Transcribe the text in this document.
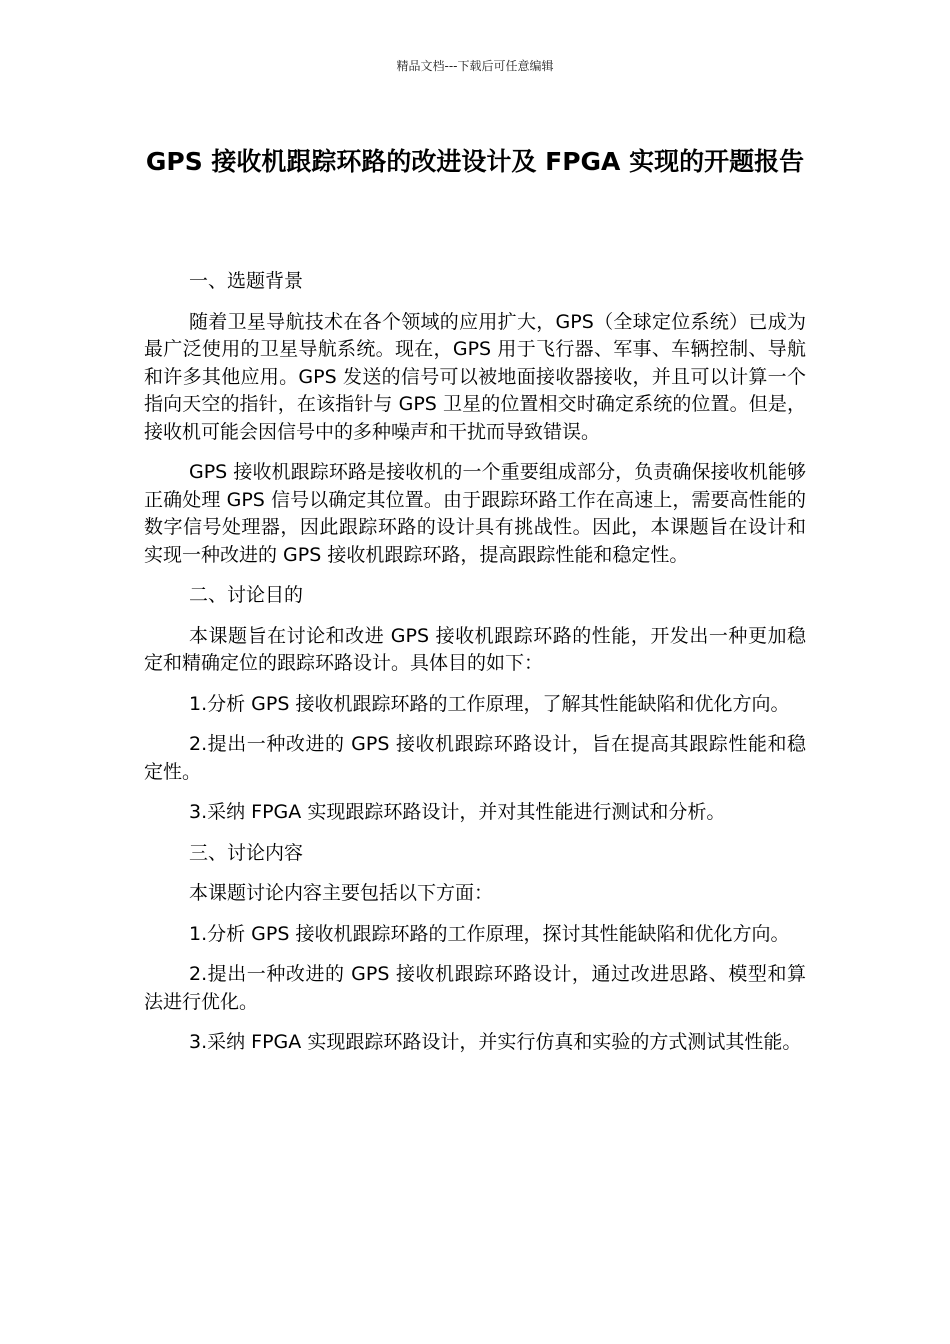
精品文档---下载后可任意编辑
GPS 接收机跟踪环路的改进设计及 FPGA 实现的开题报告

一、选题背景

随着卫星导航技术在各个领域的应用扩大，GPS（全球定位系统）已成为最广泛使用的卫星导航系统。现在，GPS 用于飞行器、军事、车辆控制、导航和许多其他应用。GPS 发送的信号可以被地面接收器接收，并且可以计算一个指向天空的指针，在该指针与 GPS 卫星的位置相交时确定系统的位置。但是，接收机可能会因信号中的多种噪声和干扰而导致错误。

GPS 接收机跟踪环路是接收机的一个重要组成部分，负责确保接收机能够正确处理 GPS 信号以确定其位置。由于跟踪环路工作在高速上，需要高性能的数字信号处理器，因此跟踪环路的设计具有挑战性。因此，本课题旨在设计和实现一种改进的 GPS 接收机跟踪环路，提高跟踪性能和稳定性。

二、讨论目的

本课题旨在讨论和改进 GPS 接收机跟踪环路的性能，开发出一种更加稳定和精确定位的跟踪环路设计。具体目的如下：

1.分析 GPS 接收机跟踪环路的工作原理，了解其性能缺陷和优化方向。

2.提出一种改进的 GPS 接收机跟踪环路设计，旨在提高其跟踪性能和稳定性。

3.采纳 FPGA 实现跟踪环路设计，并对其性能进行测试和分析。

三、讨论内容

本课题讨论内容主要包括以下方面：

1.分析 GPS 接收机跟踪环路的工作原理，探讨其性能缺陷和优化方向。

2.提出一种改进的 GPS 接收机跟踪环路设计，通过改进思路、模型和算法进行优化。

3.采纳 FPGA 实现跟踪环路设计，并实行仿真和实验的方式测试其性能。
